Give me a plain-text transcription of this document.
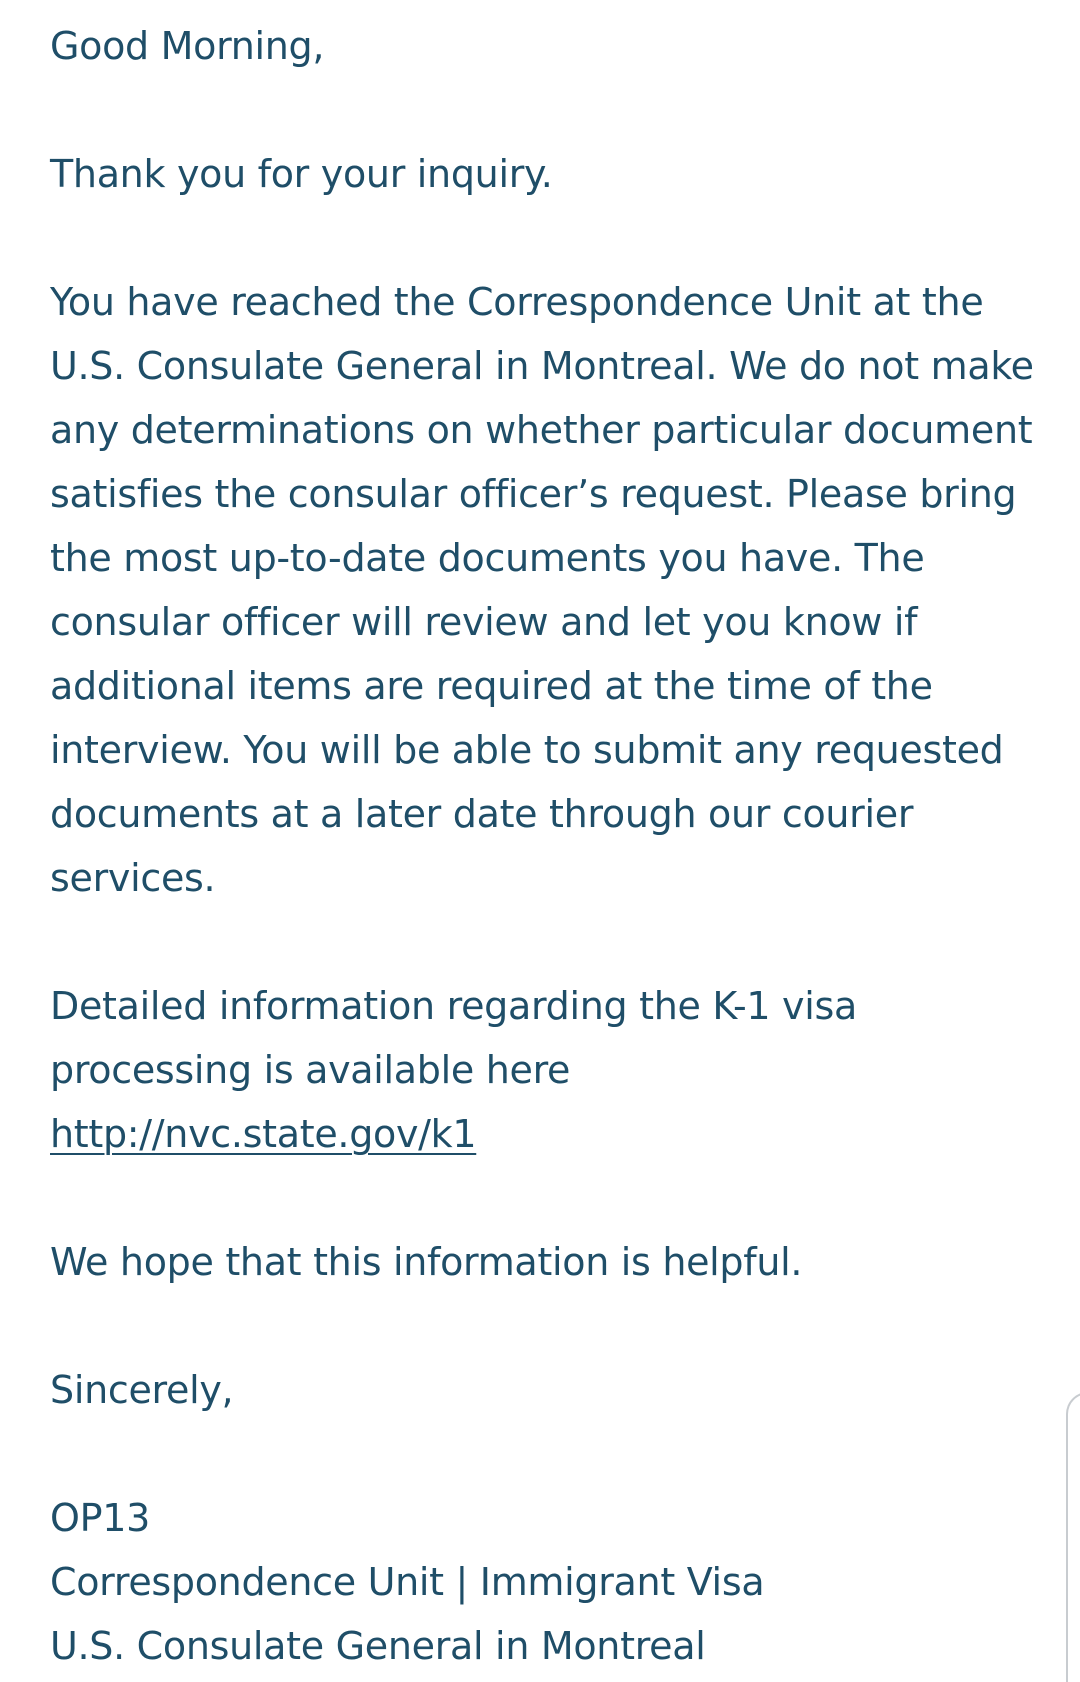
Good Morning,

Thank you for your inquiry.

You have reached the Correspondence Unit at the U.S. Consulate General in Montreal. We do not make any determinations on whether particular document satisfies the consular officer’s request. Please bring the most up-to-date documents you have. The consular officer will review and let you know if additional items are required at the time of the interview. You will be able to submit any requested documents at a later date through our courier services.

Detailed information regarding the K-1 visa processing is available here
http://nvc.state.gov/k1

We hope that this information is helpful.

Sincerely,

OP13
Correspondence Unit | Immigrant Visa
U.S. Consulate General in Montreal
